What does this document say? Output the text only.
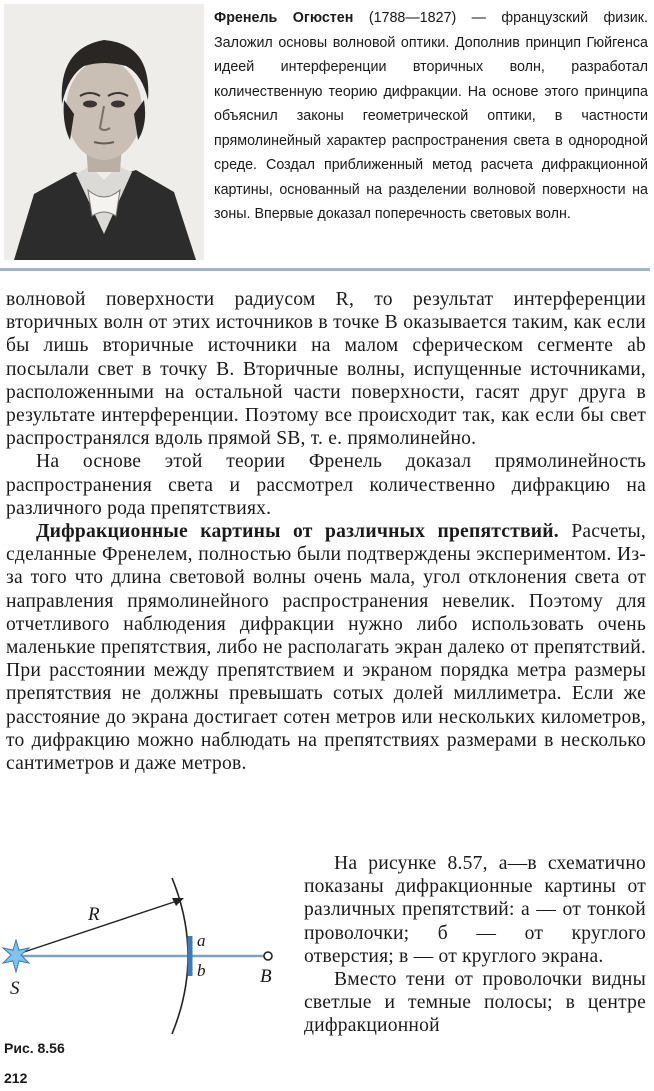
Френель Огюстен (1788—1827) — французский физик. Заложил основы волновой оптики. Дополнив принцип Гюйгенса идеей интерференции вторичных волн, разработал количественную теорию дифракции. На основе этого принципа объяснил законы геометрической оптики, в частности прямолинейный характер распространения света в однородной среде. Создал приближенный метод расчета дифракционной картины, основанный на разделении волновой поверхности на зоны. Впервые доказал поперечность световых волн.

волновой поверхности радиусом R, то результат интерференции вторичных волн от этих источников в точке B оказывается таким, как если бы лишь вторичные источники на малом сферическом сегменте ab посылали свет в точку B. Вторичные волны, испущенные источниками, расположенными на остальной части поверхности, гасят друг друга в результате интерференции. Поэтому все происходит так, как если бы свет распространялся вдоль прямой SB, т. е. прямолинейно.

На основе этой теории Френель доказал прямолинейность распространения света и рассмотрел количественно дифракцию на различного рода препятствиях.

Дифракционные картины от различных препятствий. Расчеты, сделанные Френелем, полностью были подтверждены экспериментом. Из-за того что длина световой волны очень мала, угол отклонения света от направления прямолинейного распространения невелик. Поэтому для отчетливого наблюдения дифракции нужно либо использовать очень маленькие препятствия, либо не располагать экран далеко от препятствий. При расстоянии между препятствием и экраном порядка метра размеры препятствия не должны превышать сотых долей миллиметра. Если же расстояние до экрана достигает сотен метров или нескольких километров, то дифракцию можно наблюдать на препятствиях размерами в несколько сантиметров и даже метров.

R
a
b
S
B
Рис. 8.56

На рисунке 8.57, а—в схематично показаны дифракционные картины от различных препятствий: а — от тонкой проволочки; б — от круглого отверстия; в — от круглого экрана.

Вместо тени от проволочки видны светлые и темные полосы; в центре дифракционной

212
